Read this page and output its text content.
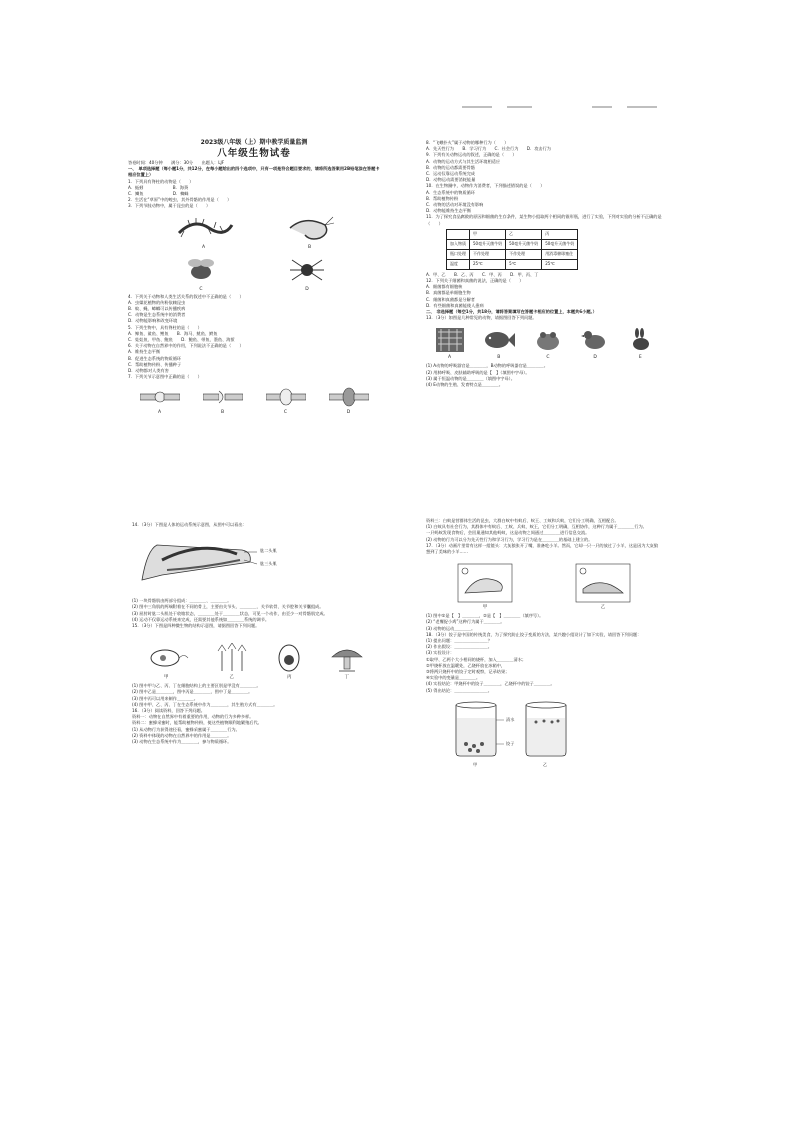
2023级八年级（上）期中教学质量监测

八年级生物试卷

答卷时间：40分钟　　满分：30分　　出题人：LJF

一、　单项选择题（每小题1分，共12分，在每小题给出的四个选项中，只有一项是符合题目要求的，请将所选答案用2B铅笔涂在答题卡相应位置上）

1．下列具有脊柱的动物是（　　）

A．蚯蚓　　　　　　　B．海葵

C．鲫鱼　　　　　　　D．蜘蛛

2．生活在“草原”中的蝗虫，其外骨骼的作用是（　　）

3．下列节肢动物中，属于昆虫的是（　　）

A	B
C	D

4．下列关于动物和人类生活关系的叙述中不正确的是（　　）

A．虫媒花植物的传粉依赖昆虫

B．蚊、蝇、蟑螂可以传播疾病

C．动物是生态系统中的消费者

D．动物能影响和改变环境

5．下列生物中，具有脊柱的是（　　）

A．鲸鱼、鲨鱼、鲤鱼　　B．海马、鱿鱼、鳄鱼

C．娃娃鱼、甲鱼、鲍鱼　　D．鲍鱼、带鱼、墨鱼、海蜇

6．关于动物在自然界中的作用，下列说法不正确的是（　　）

A．维持生态平衡

B．促进生态系统的物质循环

C．帮助植物传粉、传播种子

D．动物都对人类有害

7．下列关节示意图中正确的是（　　）

A	B	C	D

8．“飞蛾扑火”属于动物的哪种行为（　　）

A．先天性行为　　B．学习行为　　C．社会行为　　D．攻击行为

9．下列有关动物运动的叙述，正确的是（　　）

A．动物的运动方式与其生活环境相适应

B．动物的运动都需要骨骼

C．运动仅靠运动系统完成

D．动物运动需要消耗能量

10．在生物圈中，动物作为消费者，下列描述错误的是（　　）

A．生态系统中的物质循环

B．帮助植物传粉

C．动物的活动对环境没有影响

D．动物能维持生态平衡

11．为了探究食品腐败的原因和细菌的生存条件，某生物小组取两个相同的锥形瓶，进行了实验，下列对实验的分析不正确的是（　　）

	甲	乙	丙
加入物质	50毫升灭菌牛奶	50毫升灭菌牛奶	50毫升灭菌牛奶
瓶口处理	不作处理	不作处理	用消毒棉球塞住
温度	25℃	5℃	25℃

A．甲、乙　　B．乙、丙　　C．甲、丙　　D．甲、丙、丁

12．下列关于细菌和真菌的说法，正确的是（　　）

A．细菌都有细胞核

B．真菌都是单细胞生物

C．细菌和真菌都是分解者

D．有些细菌和真菌能使人患病

二、　非选择题（每空1分，共18分，请将答案填写在答题卡相应的位置上，本题共6小题。）

13．（3分）如图是几种常见的动物，请据图回答下列问题。

A	B	C	D	E

(1) A动物的呼吸器官是＿＿＿＿，B动物的呼吸器官是＿＿＿＿。

(2) 用肺呼吸、皮肤辅助呼吸的是【　】（填图中字母）。

(3) 属于恒温动物的是＿＿＿＿（填图中字母）。

(4) E动物的生殖、发育特点是＿＿＿＿。

14．（3分）下图是人体的运动系统示意图，从图中可以看出：

肱二头肌
肱三头肌

(1) 一块骨骼肌由两部分组成：＿＿＿＿、＿＿＿＿。

(2) 图中三角肌的两端附着在不同的骨上，主要由关节头、＿＿＿＿、关节软骨、关节腔和关节囊组成。

(3) 屈肘时肱二头肌处于收缩状态，＿＿＿＿处于＿＿＿＿状态，可见一个动作，由至少一对骨骼肌完成。

(4) 运动不仅靠运动系统来完成，还需要其他系统如＿＿＿＿系统的调节。

15．（3分）下图是四种微生物的结构示意图，请据图回答下列问题。

甲	乙	丙	丁

(1) 图中甲与乙、丙、丁在细胞结构上的主要区别是甲没有＿＿＿＿。

(2) 图中乙是＿＿＿＿，图中丙是＿＿＿＿，图中丁是＿＿＿＿。

(3) 图中丙可以用来制作＿＿＿＿。

(4) 图中甲、乙、丙、丁在生态系统中作为＿＿＿＿，其生殖方式有＿＿＿＿。

16．（3分）阅读资料，回答下列问题。

资料一：动物在自然界中有着重要的作用，动物的行为多种多样。

资料二：蜜蜂采蜜时，能帮助植物传粉，使这些植物顺利地繁殖后代。

(1) 从动物行为获得途径看，蜜蜂采蜜属于＿＿＿＿行为。

(2) 资料中体现的动物在自然界中的作用是＿＿＿＿。

(3) 动物在生态系统中作为＿＿＿＿，参与物质循环。

资料三：白蚁是营群体生活的昆虫，大群白蚁中有蚁后、蚁王、工蚁和兵蚁，它们分工明确，互相配合。

(1) 白蚁具有社会行为，其群体中有蚁后、工蚁、兵蚁、蚁王，它们分工明确，互相协作，这种行为属于＿＿＿＿行为。

一只蚂蚁发现食物后，会回巢通知其他蚂蚁，这是动物之间通过＿＿＿＿进行信息交流。

(2) 动物的行为可以分为先天性行为和学习行为，学习行为是在＿＿＿＿的基础上建立的。

17．（3分）动画片里常有这样一组镜头：大灰狼张开了嘴，准备吃小羊。然而，它却一只一只的放过了小羊，这是因为大灰狼想到了美味的小羊……

甲	乙

(1) 图中①是【　】＿＿＿＿，②是【　】＿＿＿＿（填序号）。

(2) “老鹰捉小鸡”这种行为属于＿＿＿＿。

(3) 动物的运动＿＿＿＿。

18．（3分）饺子是中国的传统美食，为了探究防止饺子变质的方法，某兴趣小组设计了如下实验，请回答下列问题：

(1) 提出问题：＿＿＿＿＿＿＿＿？

(2) 作出假设：＿＿＿＿＿＿＿＿。

(3) 实验设计：

①取甲、乙两个大小相同的烧杯，加入＿＿＿＿清水；

②甲烧杯放在温暖处，乙烧杯放在冰箱中，

③将两只烧杯中的饺子定时观察，记录结果；

④实验中的变量是＿＿＿＿。

(4) 实验结论：甲烧杯中的饺子＿＿＿＿，乙烧杯中的饺子＿＿＿＿。

(5) 得出结论：＿＿＿＿＿＿＿＿。

清水
饺子
甲	乙
